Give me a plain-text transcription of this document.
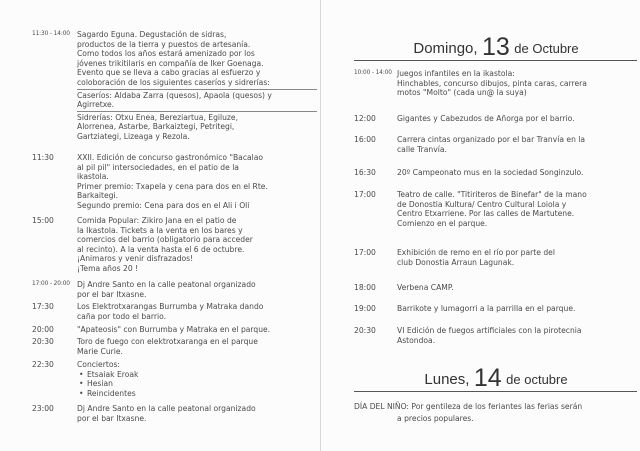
11:30 - 14:00 Sagardo Eguna. Degustación de sidras,
productos de la tierra y puestos de artesanía.
Como todos los años estará amenizado por los
jóvenes trikitilaris en compañía de Iker Goenaga.
Evento que se lleva a cabo gracias al esfuerzo y
coloboración de los siguientes caseríos y sidrerías:
Caseríos: Aldaba Zarra (quesos), Apaola (quesos) y
Agirretxe.
Sidrerías: Otxu Enea, Bereziartua, Egiluze,
Alorrenea, Astarbe, Barkaiztegi, Petritegi,
Gartziategi, Lizeaga y Rezola.
11:30	XXII. Edición de concurso gastronómico "Bacalao
al pil pil" intersociedades, en el patio de la
ikastola.
Primer premio: Txapela y cena para dos en el Rte.
Barkaitegi.
Segundo premio: Cena para dos en el Ali i Oli
15:00	Comida Popular: Zikiro Jana en el patio de
la Ikastola. Tickets a la venta en los bares y
comercios del barrio (obligatorio para acceder
al recinto). A la venta hasta el 6 de octubre.
¡Animaros y venir disfrazados!
¡Tema años 20 !
17:00 - 20:00 Dj Andre Santo en la calle peatonal organizado
por el bar Itxasne.
17:30	Los Elektrotxarangas Burrumba y Matraka dando
caña por todo el barrio.
20:00	"Apateosis" con Burrumba y Matraka en el parque.
20:30	Toro de fuego con elektrotxaranga en el parque
Marie Curie.
22:30	Conciertos:
• Etsaiak Eroak
• Hesian
• Reincidentes
23:00	Dj Andre Santo en la calle peatonal organizado
por el bar Itxasne.
Domingo, 13 de Octubre
10:00 - 14:00 Juegos infantiles en la ikastola:
Hinchables, concurso dibujos, pinta caras, carrera
motos "Molto" (cada un@ la suya)
12:00	Gigantes y Cabezudos de Añorga por el barrio.
16:00	Carrera cintas organizado por el bar Tranvía en la
calle Tranvía.
16:30	20º Campeonato mus en la sociedad Songinzulo.
17:00	Teatro de calle. "Titiriteros de Binefar" de la mano
de Donostia Kultura/ Centro Cultural Loiola y
Centro Etxarriene. Por las calles de Martutene.
Comienzo en el parque.
17:00	Exhibición de remo en el río por parte del
club Donostia Arraun Lagunak.
18:00	Verbena CAMP.
19:00	Barrikote y lumagorri a la parrilla en el parque.
20:30	VI Edición de fuegos artificiales con la pirotecnia
Astondoa.
Lunes, 14 de octubre
DÍA DEL NIÑO: Por gentileza de los feriantes las ferias serán
a precios populares.
